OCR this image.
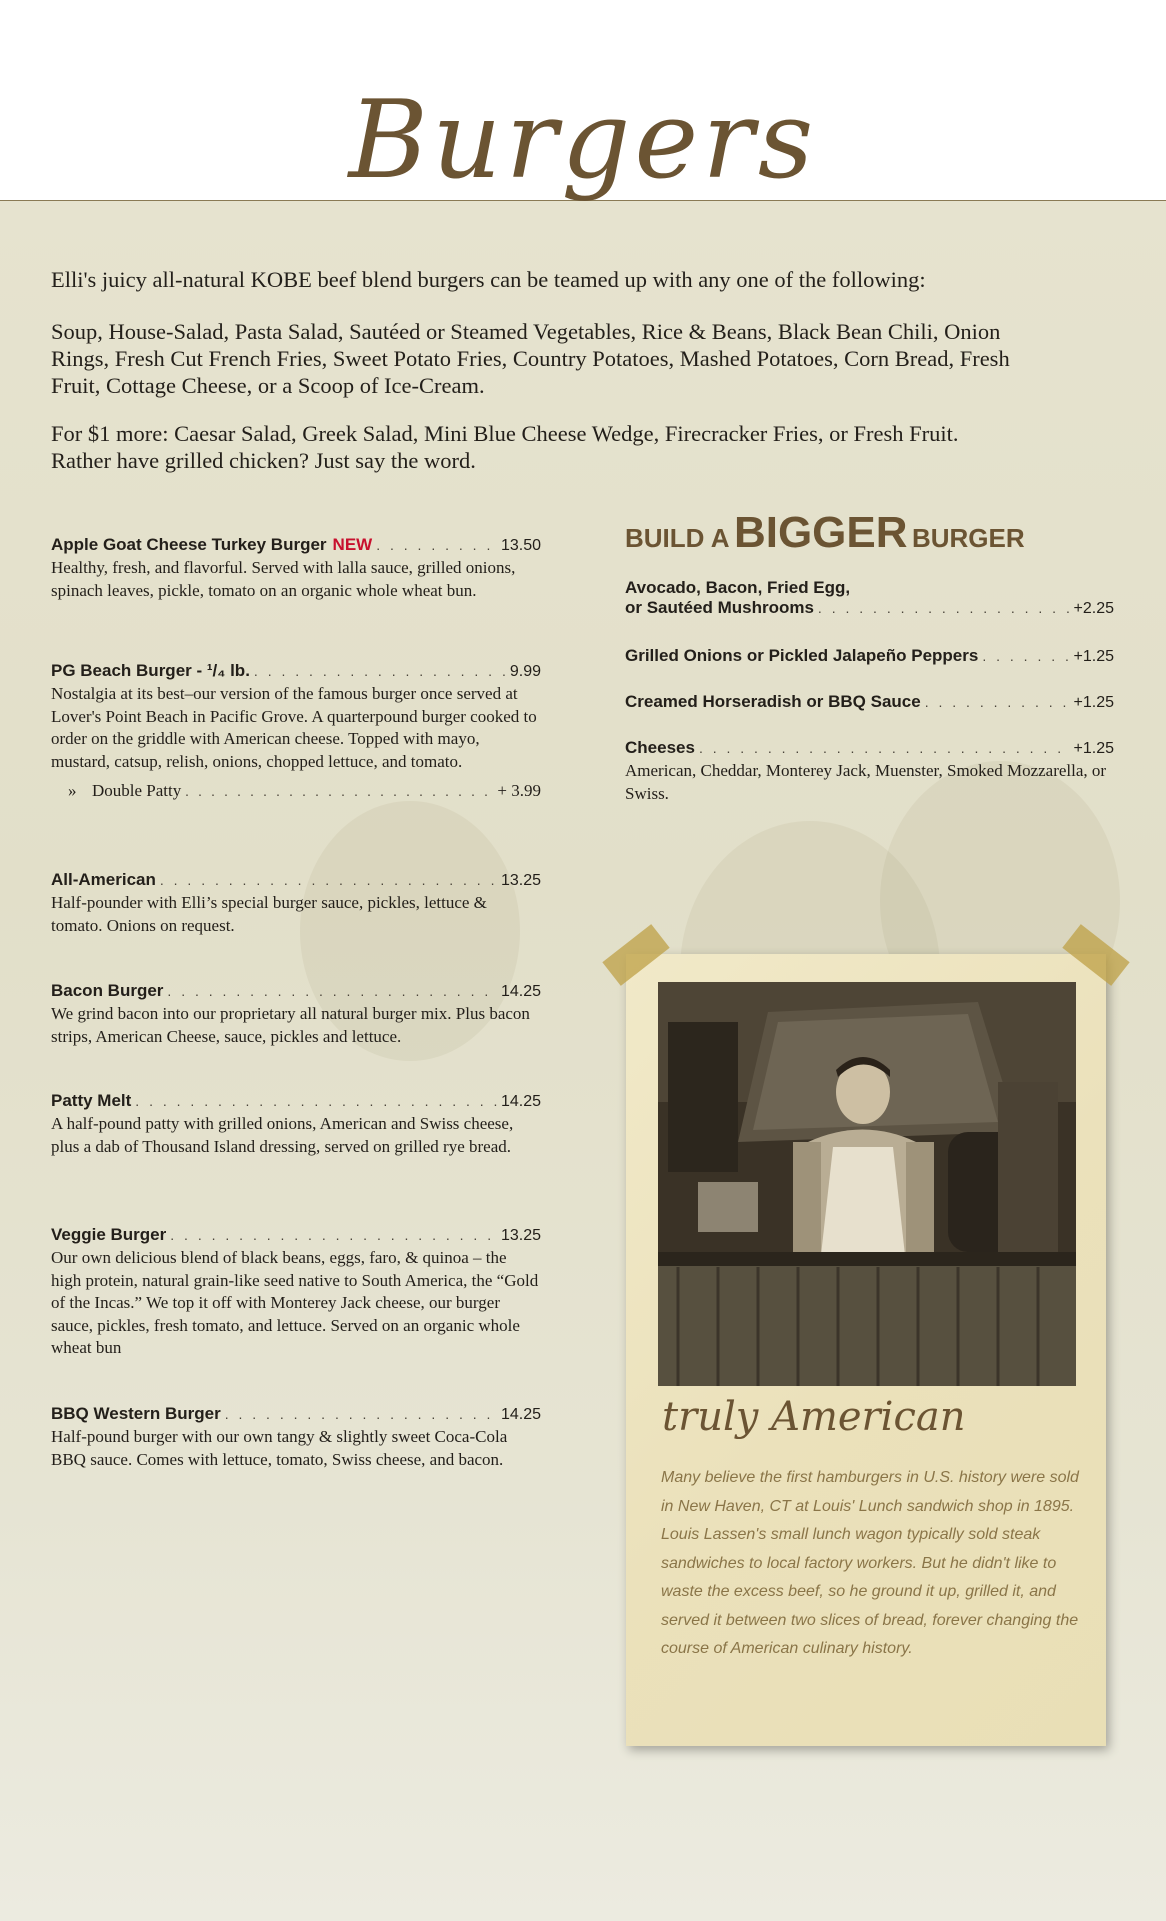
Burgers
Elli's juicy all-natural KOBE beef blend burgers can be teamed up with any one of the following:
Soup, House-Salad, Pasta Salad, Sautéed or Steamed Vegetables, Rice & Beans, Black Bean Chili, Onion Rings, Fresh Cut French Fries, Sweet Potato Fries, Country Potatoes, Mashed Potatoes, Corn Bread, Fresh Fruit, Cottage Cheese, or a Scoop of Ice-Cream.
For $1 more: Caesar Salad, Greek Salad, Mini Blue Cheese Wedge, Firecracker Fries, or Fresh Fruit.
Rather have grilled chicken? Just say the word.
Apple Goat Cheese Turkey Burger NEW . . .	13.50
Healthy, fresh, and flavorful. Served with lalla sauce, grilled onions, spinach leaves, pickle, tomato on an organic whole wheat bun.
PG Beach Burger - ¹/₄ lb. . . .	9.99
Nostalgia at its best–our version of the famous burger once served at Lover's Point Beach in Pacific Grove. A quarterpound burger cooked to order on the griddle with American cheese. Topped with mayo, mustard, catsup, relish, onions, chopped lettuce, and tomato.
» Double Patty . . .	+ 3.99
All-American . . .	13.25
Half-pounder with Elli’s special burger sauce, pickles, lettuce & tomato. Onions on request.
Bacon Burger . . .	14.25
We grind bacon into our proprietary all natural burger mix. Plus bacon strips, American Cheese, sauce, pickles and lettuce.
Patty Melt . . .	14.25
A half-pound patty with grilled onions, American and Swiss cheese, plus a dab of Thousand Island dressing, served on grilled rye bread.
Veggie Burger . . .	13.25
Our own delicious blend of black beans, eggs, faro, & quinoa – the high protein, natural grain-like seed native to South America, the “Gold of the Incas.” We top it off with Monterey Jack cheese, our burger sauce, pickles, fresh tomato, and lettuce. Served on an organic whole wheat bun
BBQ Western Burger . . .	14.25
Half-pound burger with our own tangy & slightly sweet Coca-Cola BBQ sauce. Comes with lettuce, tomato, Swiss cheese, and bacon.
BUILD A BIGGER BURGER
Avocado, Bacon, Fried Egg,
or Sautéed Mushrooms . . .	+2.25
Grilled Onions or Pickled Jalapeño Peppers . . .	+1.25
Creamed Horseradish or BBQ Sauce . . .	+1.25
Cheeses . . .	+1.25
American, Cheddar, Monterey Jack, Muenster, Smoked Mozzarella, or Swiss.
truly American
Many believe the first hamburgers in U.S. history were sold in New Haven, CT at Louis' Lunch sandwich shop in 1895. Louis Lassen's small lunch wagon typically sold steak sandwiches to local factory workers. But he didn't like to waste the excess beef, so he ground it up, grilled it, and served it between two slices of bread, forever changing the course of American culinary history.
